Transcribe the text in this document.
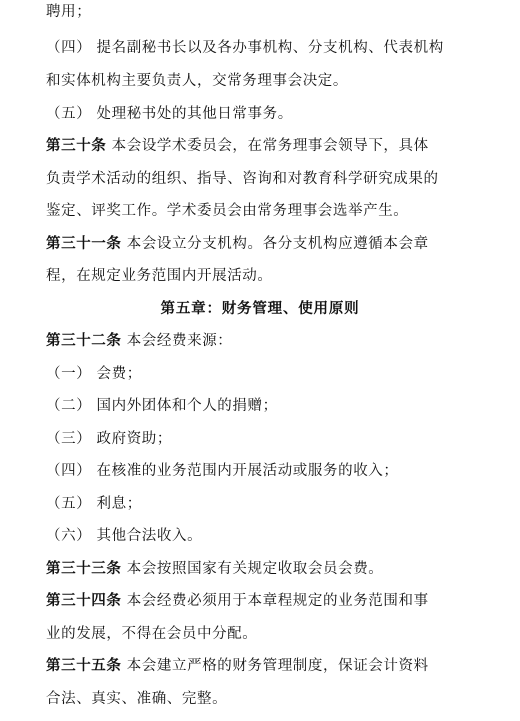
聘用；
（四） 提名副秘书长以及各办事机构、分支机构、代表机构
和实体机构主要负责人，交常务理事会决定。
（五） 处理秘书处的其他日常事务。
第三十条 本会设学术委员会，在常务理事会领导下，具体
负责学术活动的组织、指导、咨询和对教育科学研究成果的
鉴定、评奖工作。学术委员会由常务理事会选举产生。
第三十一条 本会设立分支机构。各分支机构应遵循本会章
程，在规定业务范围内开展活动。
第五章：财务管理、使用原则
第三十二条 本会经费来源：
（一） 会费；
（二） 国内外团体和个人的捐赠；
（三） 政府资助；
（四） 在核准的业务范围内开展活动或服务的收入；
（五） 利息；
（六） 其他合法收入。
第三十三条 本会按照国家有关规定收取会员会费。
第三十四条 本会经费必须用于本章程规定的业务范围和事
业的发展，不得在会员中分配。
第三十五条 本会建立严格的财务管理制度，保证会计资料
合法、真实、准确、完整。
